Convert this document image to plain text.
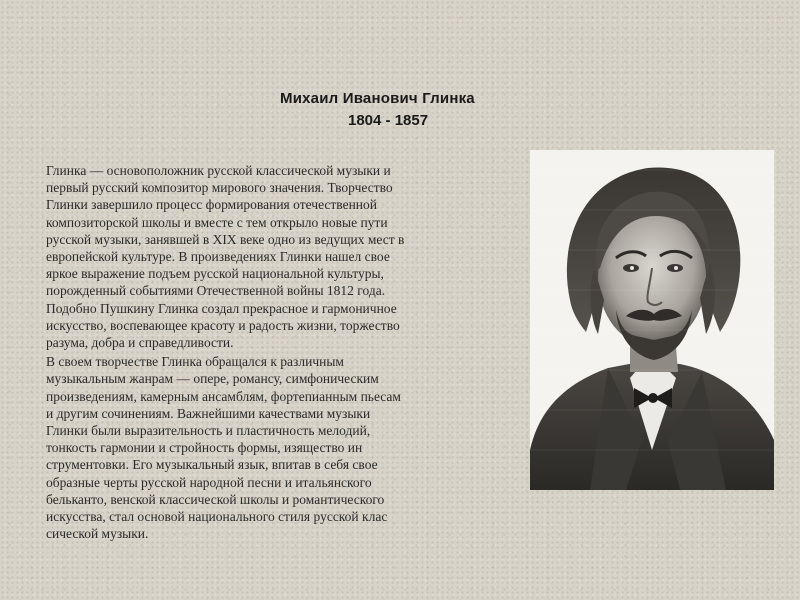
Михаил Иванович Глинка
1804 - 1857

Глинка — основоположник русской классической музыки и
первый русский композитор мирового значения. Творчество
Глинки завершило процесс формирования отечественной
композиторской школы и вместе с тем открыло новые пути
русской музыки, занявшей в XIX веке одно из ведущих мест в
европейской культуре. В произведениях Глинки нашел свое
яркое выражение подъем русской национальной культуры,
порожденный событиями Отечественной войны 1812 года.
Подобно Пушкину Глинка создал прекрасное и гармоничное
искусство, воспевающее красоту и радость жизни, торжество
разума, добра и справедливости.

В своем творчестве Глинка обращался к различным
музыкальным жанрам — опере, романсу, симфоническим
произведениям, камерным ансамблям, фортепианным пьесам
и другим сочинениям. Важнейшими качествами музыки
Глинки были выразительность и пластичность мелодий,
тонкость гармонии и стройность формы, изящество ин
струментовки. Его музыкальный язык, впитав в себя свое
образные черты русской народной песни и итальянского
бельканто, венской классической школы и романтического
искусства, стал основой национального стиля русской клас
сической музыки.
